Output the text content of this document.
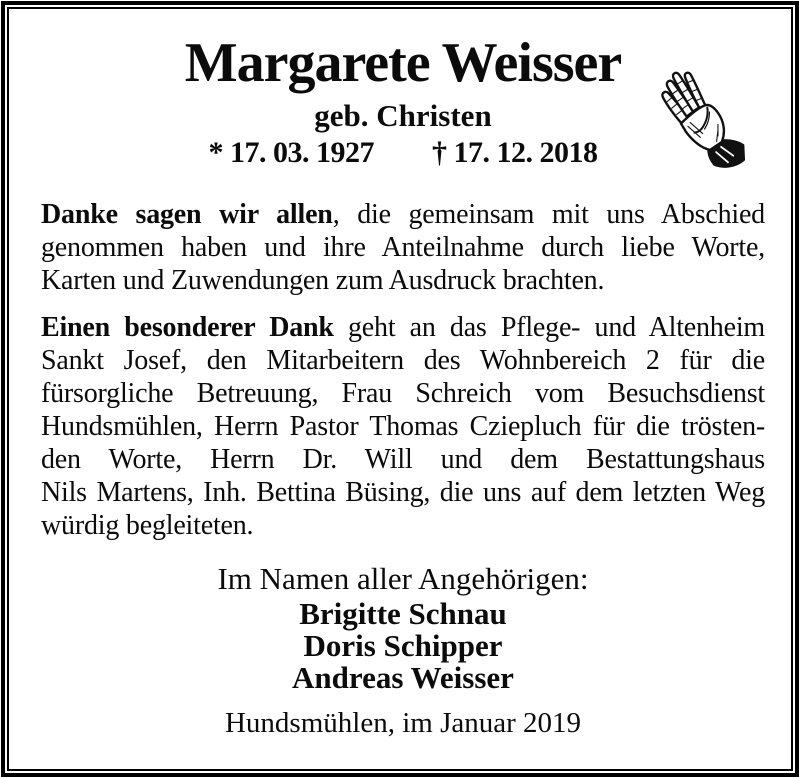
Margarete Weisser
geb. Christen
* 17. 03. 1927 † 17. 12. 2018
Danke sagen wir allen, die gemeinsam mit uns Abschied
genommen haben und ihre Anteilnahme durch liebe Worte,
Karten und Zuwendungen zum Ausdruck brachten.
Einen besonderer Dank geht an das Pflege- und Altenheim
Sankt Josef, den Mitarbeitern des Wohnbereich 2 für die
fürsorgliche Betreuung, Frau Schreich vom Besuchsdienst
Hundsmühlen, Herrn Pastor Thomas Cziepluch für die trösten-
den Worte, Herrn Dr. Will und dem Bestattungshaus
Nils Martens, Inh. Bettina Büsing, die uns auf dem letzten Weg
würdig begleiteten.
Im Namen aller Angehörigen:
Brigitte Schnau
Doris Schipper
Andreas Weisser
Hundsmühlen, im Januar 2019
